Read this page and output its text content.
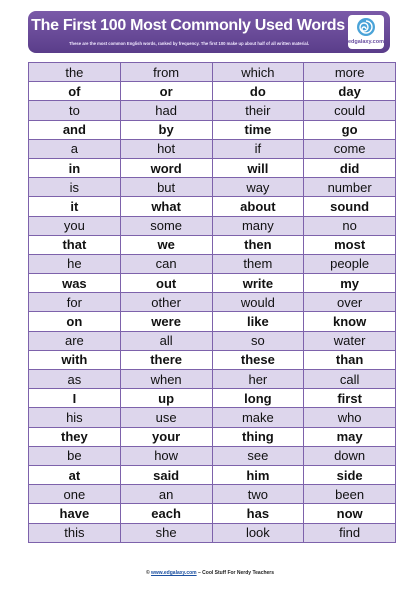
The First 100 Most Commonly Used Words
These are the most common English words, ranked by frequency. The first 100 make up about half of all written material.	edgalaxy.com
the	from	which	more
of	or	do	day
to	had	their	could
and	by	time	go
a	hot	if	come
in	word	will	did
is	but	way	number
it	what	about	sound
you	some	many	no
that	we	then	most
he	can	them	people
was	out	write	my
for	other	would	over
on	were	like	know
are	all	so	water
with	there	these	than
as	when	her	call
I	up	long	first
his	use	make	who
they	your	thing	may
be	how	see	down
at	said	him	side
one	an	two	been
have	each	has	now
this	she	look	find
© www.edgalaxy.com – Cool Stuff For Nerdy Teachers
